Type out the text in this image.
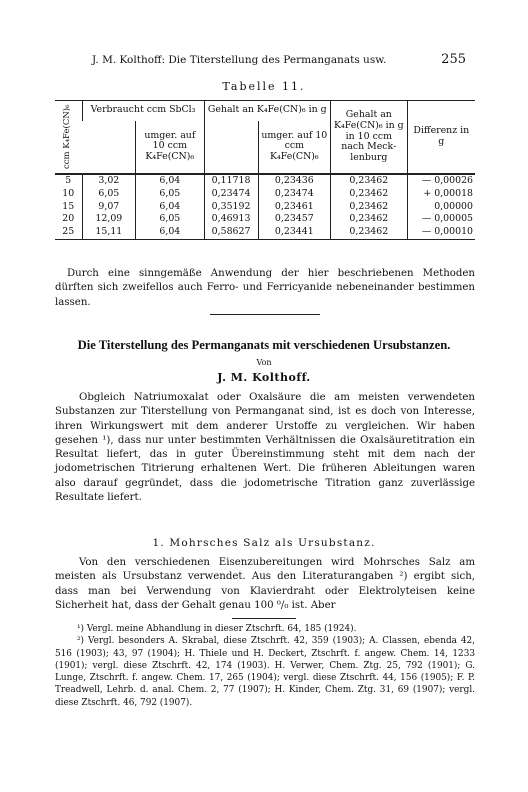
J. M. Kolthoff: Die Titerstellung des Permanganats usw.	255
Tabelle 11.
ccm K₄Fe(CN)₆	Verbraucht ccm SbCl₃		Gehalt an K₄Fe(CN)₆ in g		Gehalt an K₄Fe(CN)₆ in g in 10 ccm nach Mecklenburg	Differenz in g
		umger. auf 10 ccm K₄Fe(CN)₆		umger. auf 10 ccm K₄Fe(CN)₆		
5	3,02	6,04	0,11718	0,23436	0,23462	— 0,00026
10	6,05	6,05	0,23474	0,23474	0,23462	+ 0,00018
15	9,07	6,04	0,35192	0,23461	0,23462	0,00000
20	12,09	6,05	0,46913	0,23457	0,23462	— 0,00005
25	15,11	6,04	0,58627	0,23441	0,23462	— 0,00010
Durch eine sinngemäße Anwendung der hier beschriebenen Methoden dürften sich zweifellos auch Ferro- und Ferricyanide nebeneinander bestimmen lassen.
Die Titerstellung des Permanganats mit verschiedenen Ursubstanzen.
Von
J. M. Kolthoff.
Obgleich Natriumoxalat oder Oxalsäure die am meisten verwendeten Substanzen zur Titerstellung von Permanganat sind, ist es doch von Interesse, ihren Wirkungswert mit dem anderer Urstoffe zu vergleichen. Wir haben gesehen ¹), dass nur unter bestimmten Verhältnissen die Oxalsäuretitration ein Resultat liefert, das in guter Übereinstimmung steht mit dem nach der jodometrischen Titrierung erhaltenen Wert. Die früheren Ableitungen waren also darauf gegründet, dass die jodometrische Titration ganz zuverlässige Resultate liefert.
1. Mohrsches Salz als Ursubstanz.
Von den verschiedenen Eisenzubereitungen wird Mohrsches Salz am meisten als Ursubstanz verwendet. Aus den Literaturangaben ²) ergibt sich, dass man bei Verwendung von Klavierdraht oder Elektrolyteisen keine Sicherheit hat, dass der Gehalt genau 100 ⁰/₀ ist. Aber

¹) Vergl. meine Abhandlung in dieser Ztschrft. 64, 185 (1924).

²) Vergl. besonders A. Skrabal, diese Ztschrft. 42, 359 (1903); A. Classen, ebenda 42, 516 (1903); 43, 97 (1904); H. Thiele und H. Deckert, Ztschrft. f. angew. Chem. 14, 1233 (1901); vergl. diese Ztschrft. 42, 174 (1903). H. Verwer, Chem. Ztg. 25, 792 (1901); G. Lunge, Ztschrft. f. angew. Chem. 17, 265 (1904); vergl. diese Ztschrft. 44, 156 (1905); F. P. Treadwell, Lehrb. d. anal. Chem. 2, 77 (1907); H. Kinder, Chem. Ztg. 31, 69 (1907); vergl. diese Ztschrft. 46, 792 (1907).
